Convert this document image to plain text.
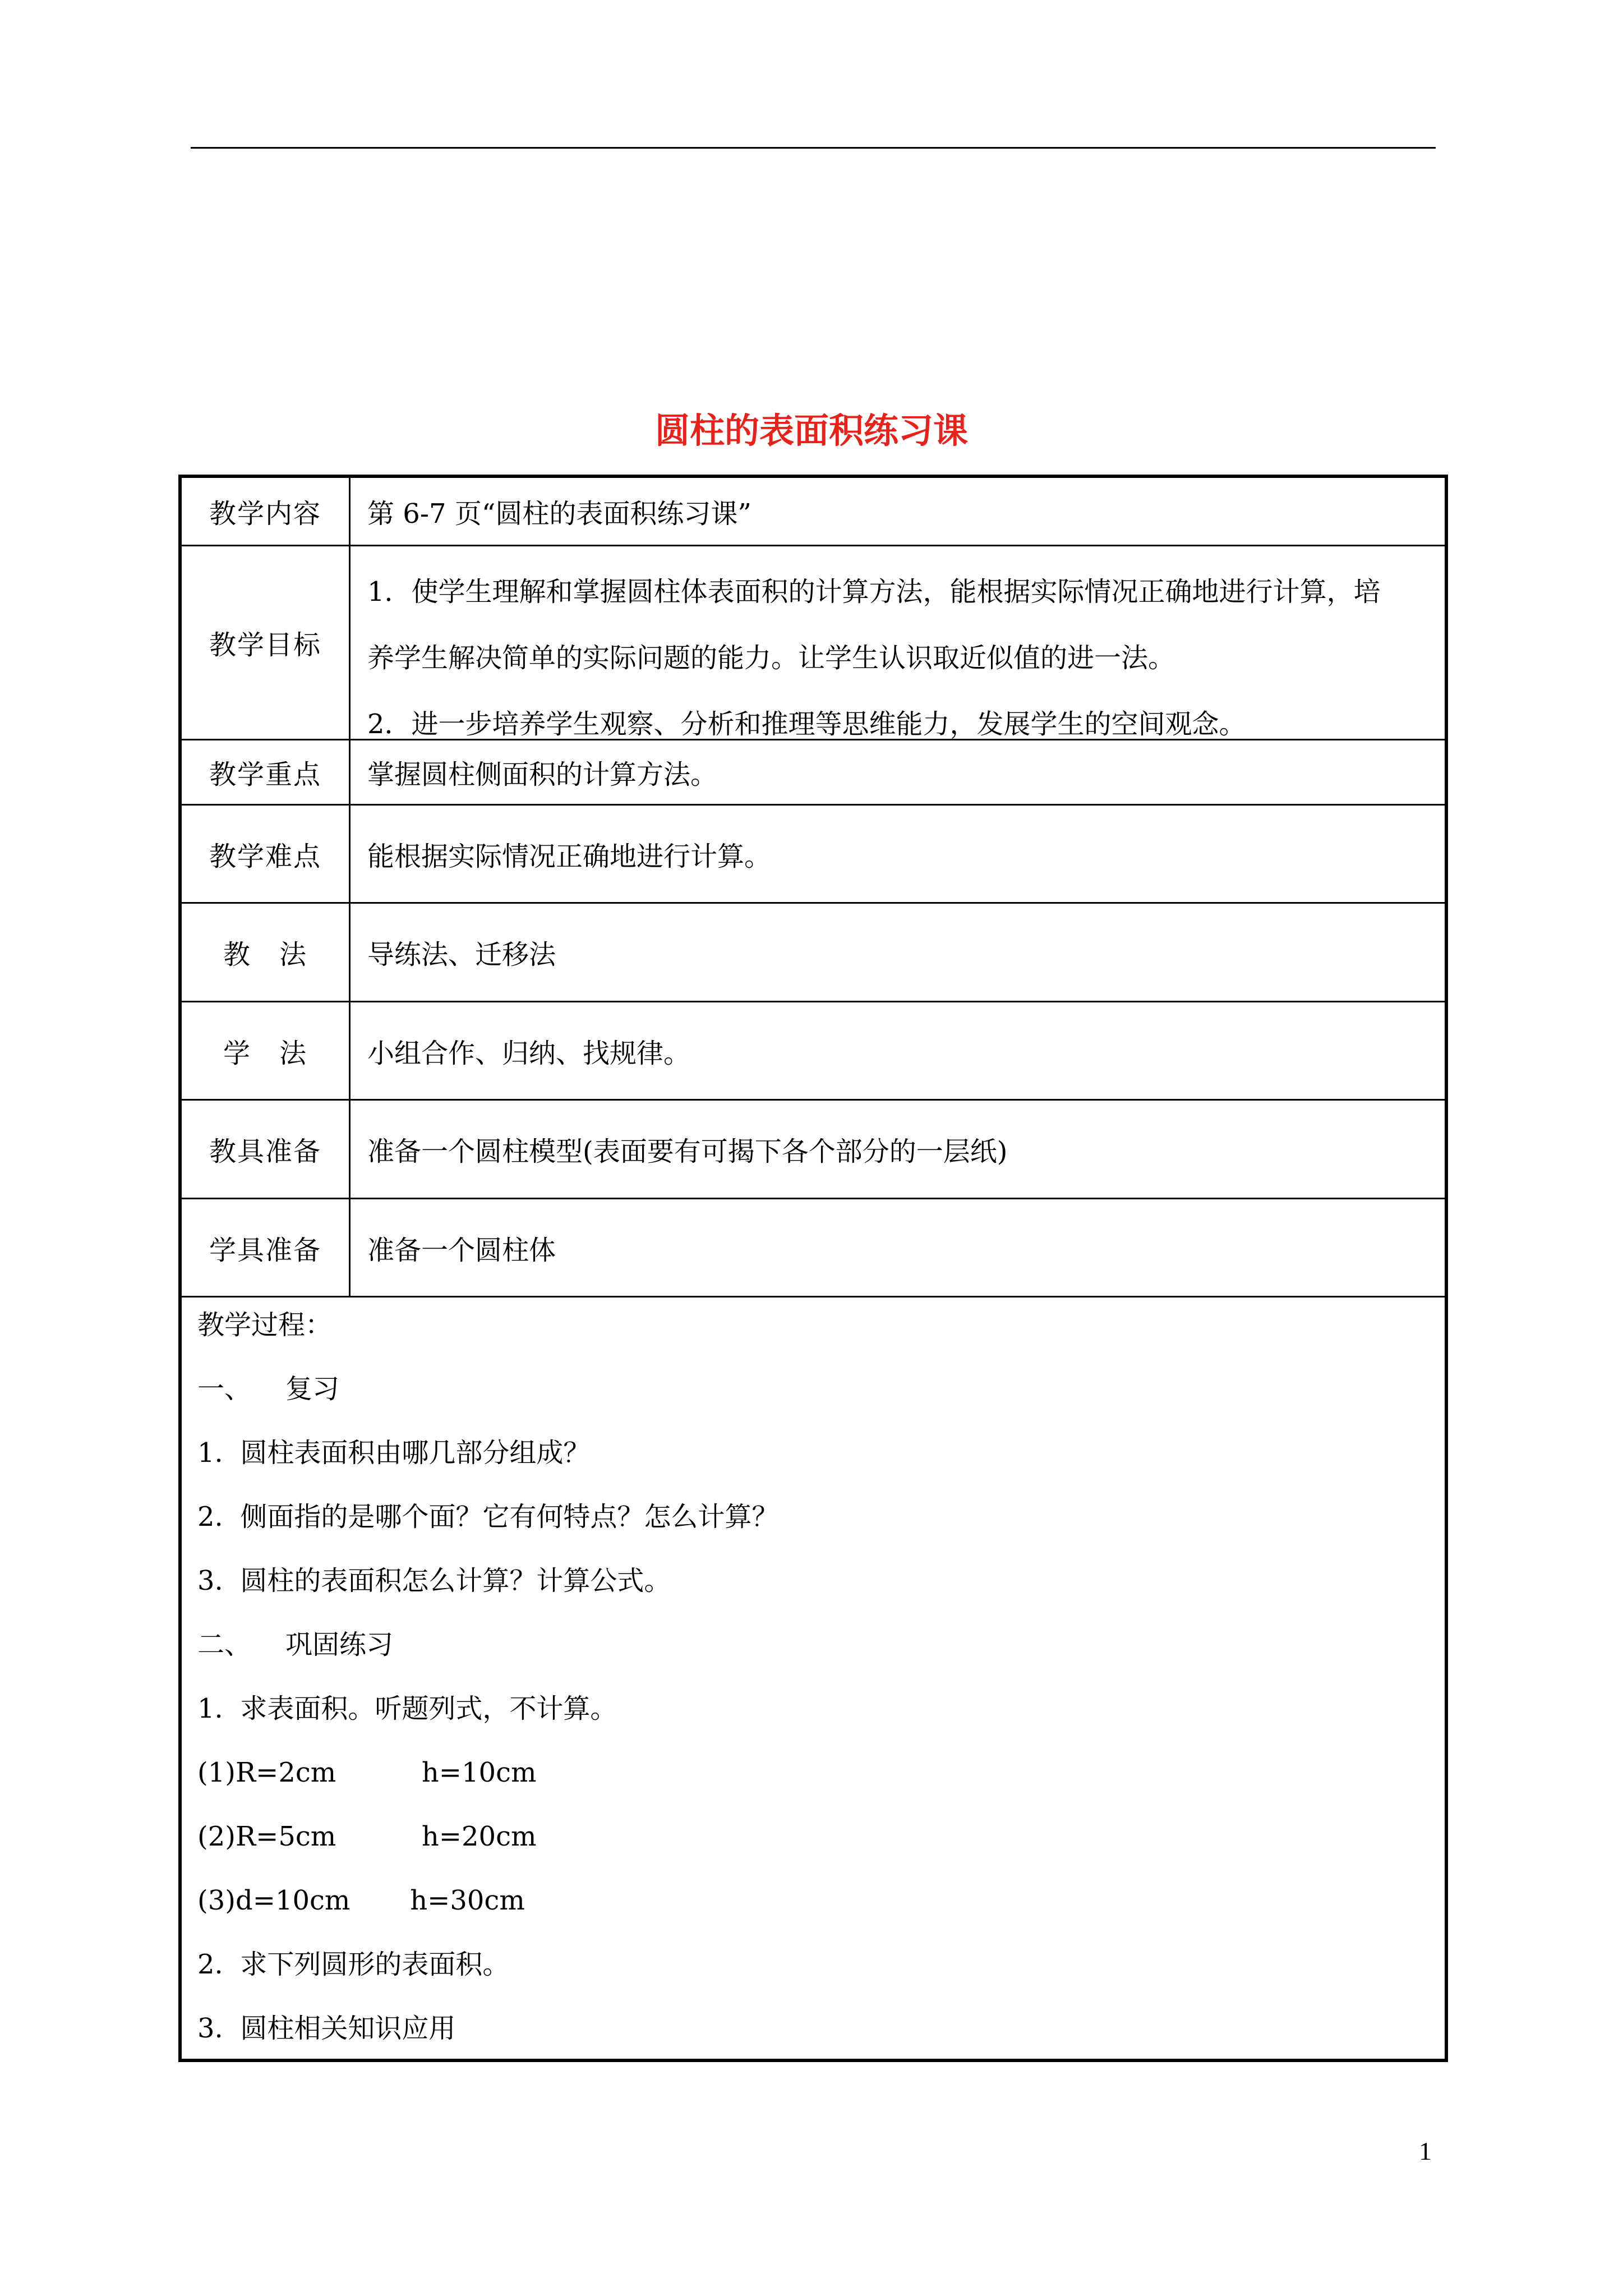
圆柱的表面积练习课
教学内容	第 6-7 页“圆柱的表面积练习课”
教学目标

1．使学生理解和掌握圆柱体表面积的计算方法，能根据实际情况正确地进行计算，培

养学生解决简单的实际问题的能力。让学生认识取近似值的进一法。

2．进一步培养学生观察、分析和推理等思维能力，发展学生的空间观念。

教学重点	掌握圆柱侧面积的计算方法。
教学难点	能根据实际情况正确地进行计算。
教　法	导练法、迁移法
学　法	小组合作、归纳、找规律。
教具准备	准备一个圆柱模型(表面要有可揭下各个部分的一层纸)
学具准备	准备一个圆柱体

教学过程：

一、    复习

1.  圆柱表面积由哪几部分组成？

2.  侧面指的是哪个面？它有何特点？怎么计算？

3.  圆柱的表面积怎么计算？计算公式。

二、    巩固练习

1.  求表面积。听题列式，不计算。

(1)R=2cm          h=10cm

(2)R=5cm          h=20cm

(3)d=10cm       h=30cm

2.  求下列圆形的表面积。

3.  圆柱相关知识应用

1
